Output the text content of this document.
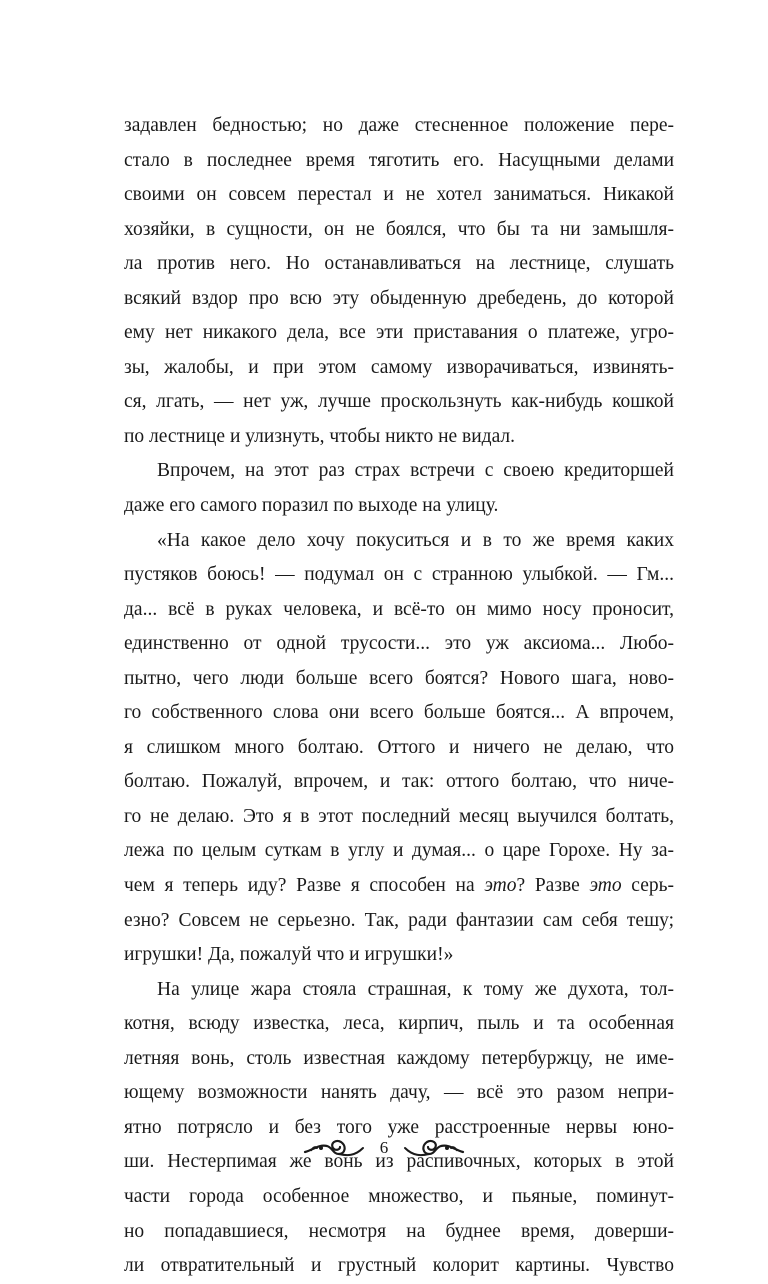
задавлен бедностью; но даже стесненное положение пере-
стало в последнее время тяготить его. Насущными делами
своими он совсем перестал и не хотел заниматься. Никакой
хозяйки, в сущности, он не боялся, что бы та ни замышля-
ла против него. Но останавливаться на лестнице, слушать
всякий вздор про всю эту обыденную дребедень, до которой
ему нет никакого дела, все эти приставания о платеже, угро-
зы, жалобы, и при этом самому изворачиваться, извинять-
ся, лгать, — нет уж, лучше проскользнуть как-нибудь кошкой
по лестнице и улизнуть, чтобы никто не видал.
Впрочем, на этот раз страх встречи с своею кредиторшей
даже его самого поразил по выходе на улицу.
«На какое дело хочу покуситься и в то же время каких
пустяков боюсь! — подумал он с странною улыбкой. — Гм...
да... всё в руках человека, и всё-то он мимо носу проносит,
единственно от одной трусости... это уж аксиома... Любо-
пытно, чего люди больше всего боятся? Нового шага, ново-
го собственного слова они всего больше боятся... А впрочем,
я слишком много болтаю. Оттого и ничего не делаю, что
болтаю. Пожалуй, впрочем, и так: оттого болтаю, что ниче-
го не делаю. Это я в этот последний месяц выучился болтать,
лежа по целым суткам в углу и думая... о царе Горохе. Ну за-
чем я теперь иду? Разве я способен на это? Разве это серь-
езно? Совсем не серьезно. Так, ради фантазии сам себя тешу;
игрушки! Да, пожалуй что и игрушки!»
На улице жара стояла страшная, к тому же духота, тол-
котня, всюду известка, леса, кирпич, пыль и та особенная
летняя вонь, столь известная каждому петербуржцу, не име-
ющему возможности нанять дачу, — всё это разом непри-
ятно потрясло и без того уже расстроенные нервы юно-
ши. Нестерпимая же вонь из распивочных, которых в этой
части города особенное множество, и пьяные, поминут-
но попадавшиеся, несмотря на буднее время, доверши-
ли отвратительный и грустный колорит картины. Чувство
6
